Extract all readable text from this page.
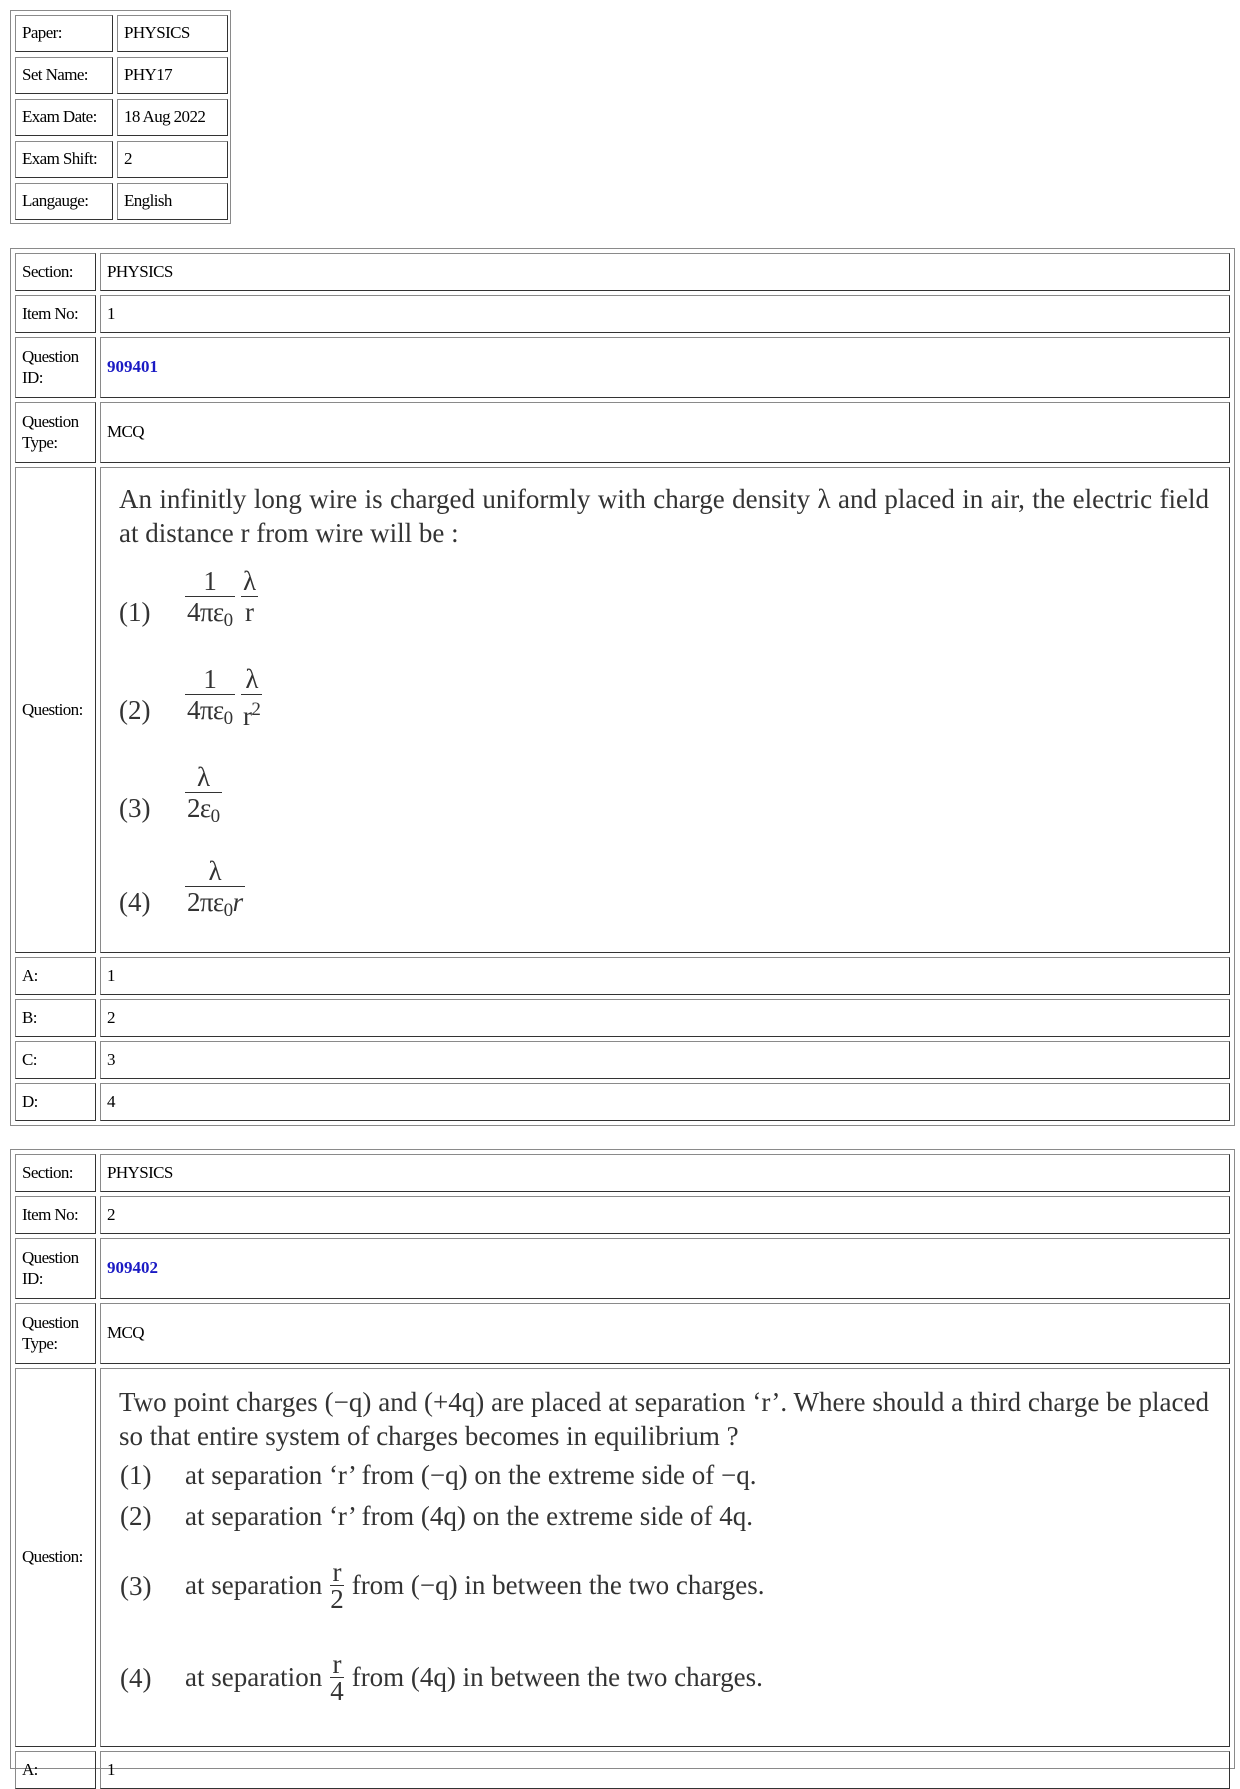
Paper:	PHYSICS
Set Name:	PHY17
Exam Date:	18 Aug 2022
Exam Shift:	2
Langauge:	English
Section:	PHYSICS
Item No:	1
Question ID:
909401
Question Type:
MCQ
Question:
An infinitly long wire is charged uniformly with charge density λ and placed in air, the electric field at distance r from wire will be :
$(1) \frac{1}{4\pi\varepsilon_0} \frac{\lambda}{r}$
$(2) \frac{1}{4\pi\varepsilon_0} \frac{\lambda}{r^2}$
$(3) \frac{\lambda}{2\varepsilon_0}$
$(4) \frac{\lambda}{2\pi\varepsilon_0r}$
A:	1
B:	2
C:	3
D:	4
Section:	PHYSICS
Item No:	2
Question ID:
909402
Question Type:
MCQ
Question:
Two point charges (−q) and (+4q) are placed at separation ‘r’. Where should a third charge be placed so that entire system of charges becomes in equilibrium ?
(1) at separation ‘r’ from (−q) on the extreme side of −q.
(2) at separation ‘r’ from (4q) on the extreme side of 4q.
(3) at separation $\frac{r}{2}$ from (−q) in between the two charges.
(4) at separation $\frac{r}{4}$ from (4q) in between the two charges.
A:	1
